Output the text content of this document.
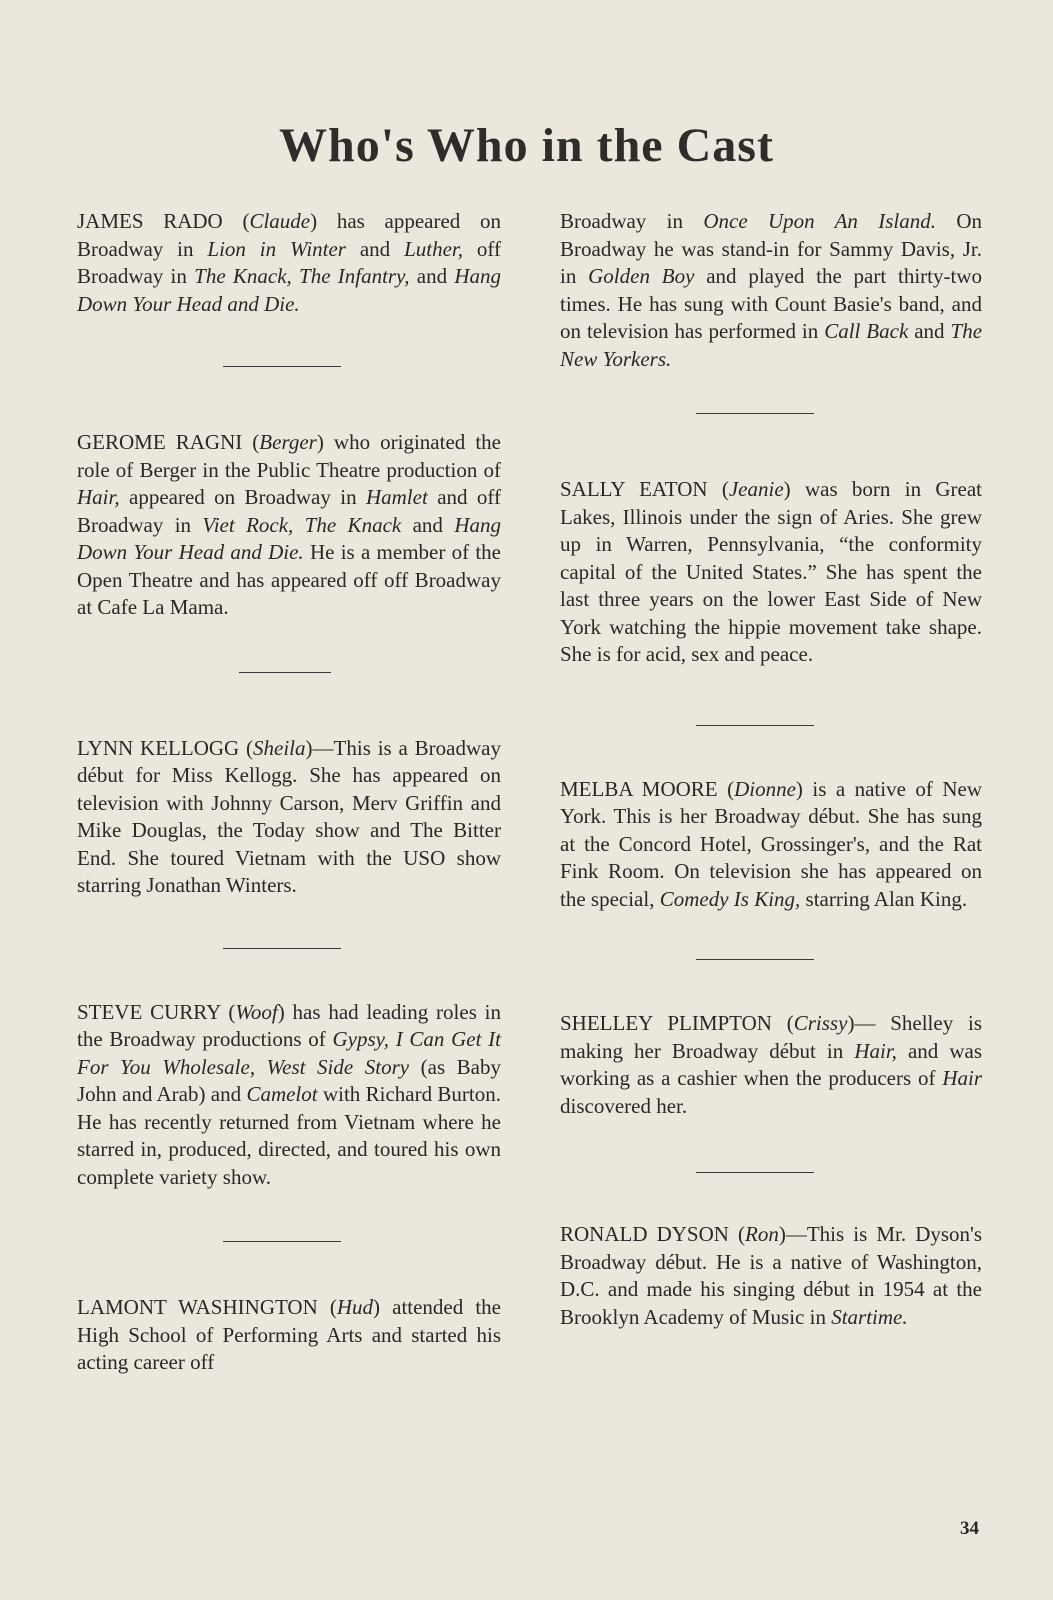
Who's Who in the Cast

JAMES RADO (Claude) has appeared on Broadway in Lion in Winter and Luther, off Broadway in The Knack, The Infantry, and Hang Down Your Head and Die.

GEROME RAGNI (Berger) who originated the role of Berger in the Public Theatre production of Hair, appeared on Broadway in Hamlet and off Broadway in Viet Rock, The Knack and Hang Down Your Head and Die. He is a member of the Open Theatre and has appeared off off Broadway at Cafe La Mama.

LYNN KELLOGG (Sheila)—This is a Broadway début for Miss Kellogg. She has appeared on television with Johnny Carson, Merv Griffin and Mike Douglas, the Today show and The Bitter End. She toured Vietnam with the USO show starring Jonathan Winters.

STEVE CURRY (Woof) has had leading roles in the Broadway productions of Gypsy, I Can Get It For You Wholesale, West Side Story (as Baby John and Arab) and Camelot with Richard Burton. He has recently returned from Vietnam where he starred in, produced, directed, and toured his own complete variety show.

LAMONT WASHINGTON (Hud) attended the High School of Performing Arts and started his acting career off

Broadway in Once Upon An Island. On Broadway he was stand-in for Sammy Davis, Jr. in Golden Boy and played the part thirty-two times. He has sung with Count Basie's band, and on television has performed in Call Back and The New Yorkers.

SALLY EATON (Jeanie) was born in Great Lakes, Illinois under the sign of Aries. She grew up in Warren, Pennsylvania, “the conformity capital of the United States.” She has spent the last three years on the lower East Side of New York watching the hippie movement take shape. She is for acid, sex and peace.

MELBA MOORE (Dionne) is a native of New York. This is her Broadway début. She has sung at the Concord Hotel, Grossinger's, and the Rat Fink Room. On television she has appeared on the special, Comedy Is King, starring Alan King.

SHELLEY PLIMPTON (Crissy)— Shelley is making her Broadway début in Hair, and was working as a cashier when the producers of Hair discovered her.

RONALD DYSON (Ron)—This is Mr. Dyson's Broadway début. He is a native of Washington, D.C. and made his singing début in 1954 at the Brooklyn Academy of Music in Startime.

34
